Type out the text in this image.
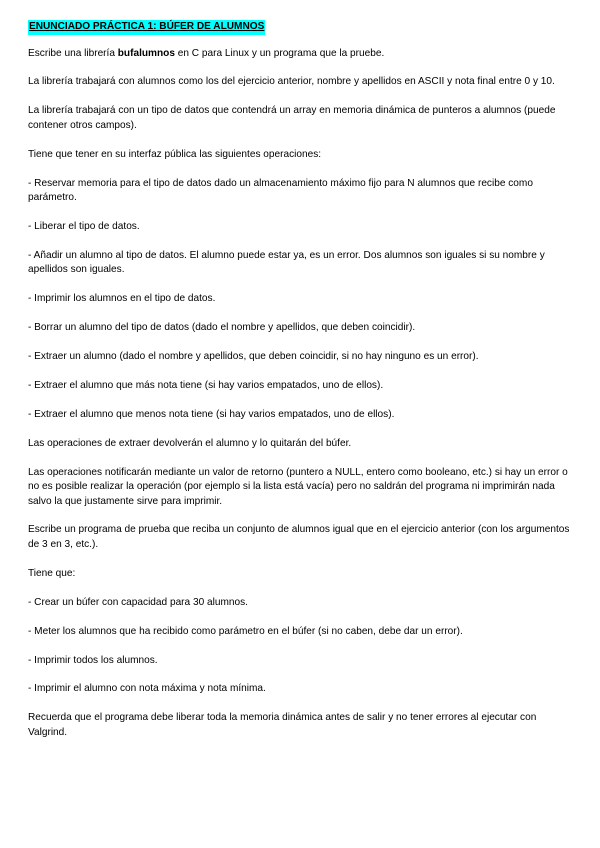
ENUNCIADO PRÁCTICA 1: BÚFER DE ALUMNOS

Escribe una librería bufalumnos en C para Linux y un programa que la pruebe.

La librería trabajará con alumnos como los del ejercicio anterior, nombre y apellidos en ASCII y nota final entre 0 y 10.

La librería trabajará con un tipo de datos que contendrá un array en memoria dinámica de punteros a alumnos (puede contener otros campos).

Tiene que tener en su interfaz pública las siguientes operaciones:

- Reservar memoria para el tipo de datos dado un almacenamiento máximo fijo para N alumnos que recibe como parámetro.

- Liberar el tipo de datos.

- Añadir un alumno al tipo de datos. El alumno puede estar ya, es un error. Dos alumnos son iguales si su nombre y apellidos son iguales.

- Imprimir los alumnos en el tipo de datos.

- Borrar un alumno del tipo de datos (dado el nombre y apellidos, que deben coincidir).

- Extraer un alumno (dado el nombre y apellidos, que deben coincidir, si no hay ninguno es un error).

- Extraer el alumno que más nota tiene (si hay varios empatados, uno de ellos).

- Extraer el alumno que menos nota tiene (si hay varios empatados, uno de ellos).

Las operaciones de extraer devolverán el alumno y lo quitarán del búfer.

Las operaciones notificarán mediante un valor de retorno (puntero a NULL, entero como booleano, etc.) si hay un error o no es posible realizar la operación (por ejemplo si la lista está vacía) pero no saldrán del programa ni imprimirán nada salvo la que justamente sirve para imprimir.

Escribe un programa de prueba que reciba un conjunto de alumnos igual que en el ejercicio anterior (con los argumentos de 3 en 3, etc.).

Tiene que:

- Crear un búfer con capacidad para 30 alumnos.

- Meter los alumnos que ha recibido como parámetro en el búfer (si no caben, debe dar un error).

- Imprimir todos los alumnos.

- Imprimir el alumno con nota máxima y nota mínima.

Recuerda que el programa debe liberar toda la memoria dinámica antes de salir y no tener errores al ejecutar con Valgrind.
